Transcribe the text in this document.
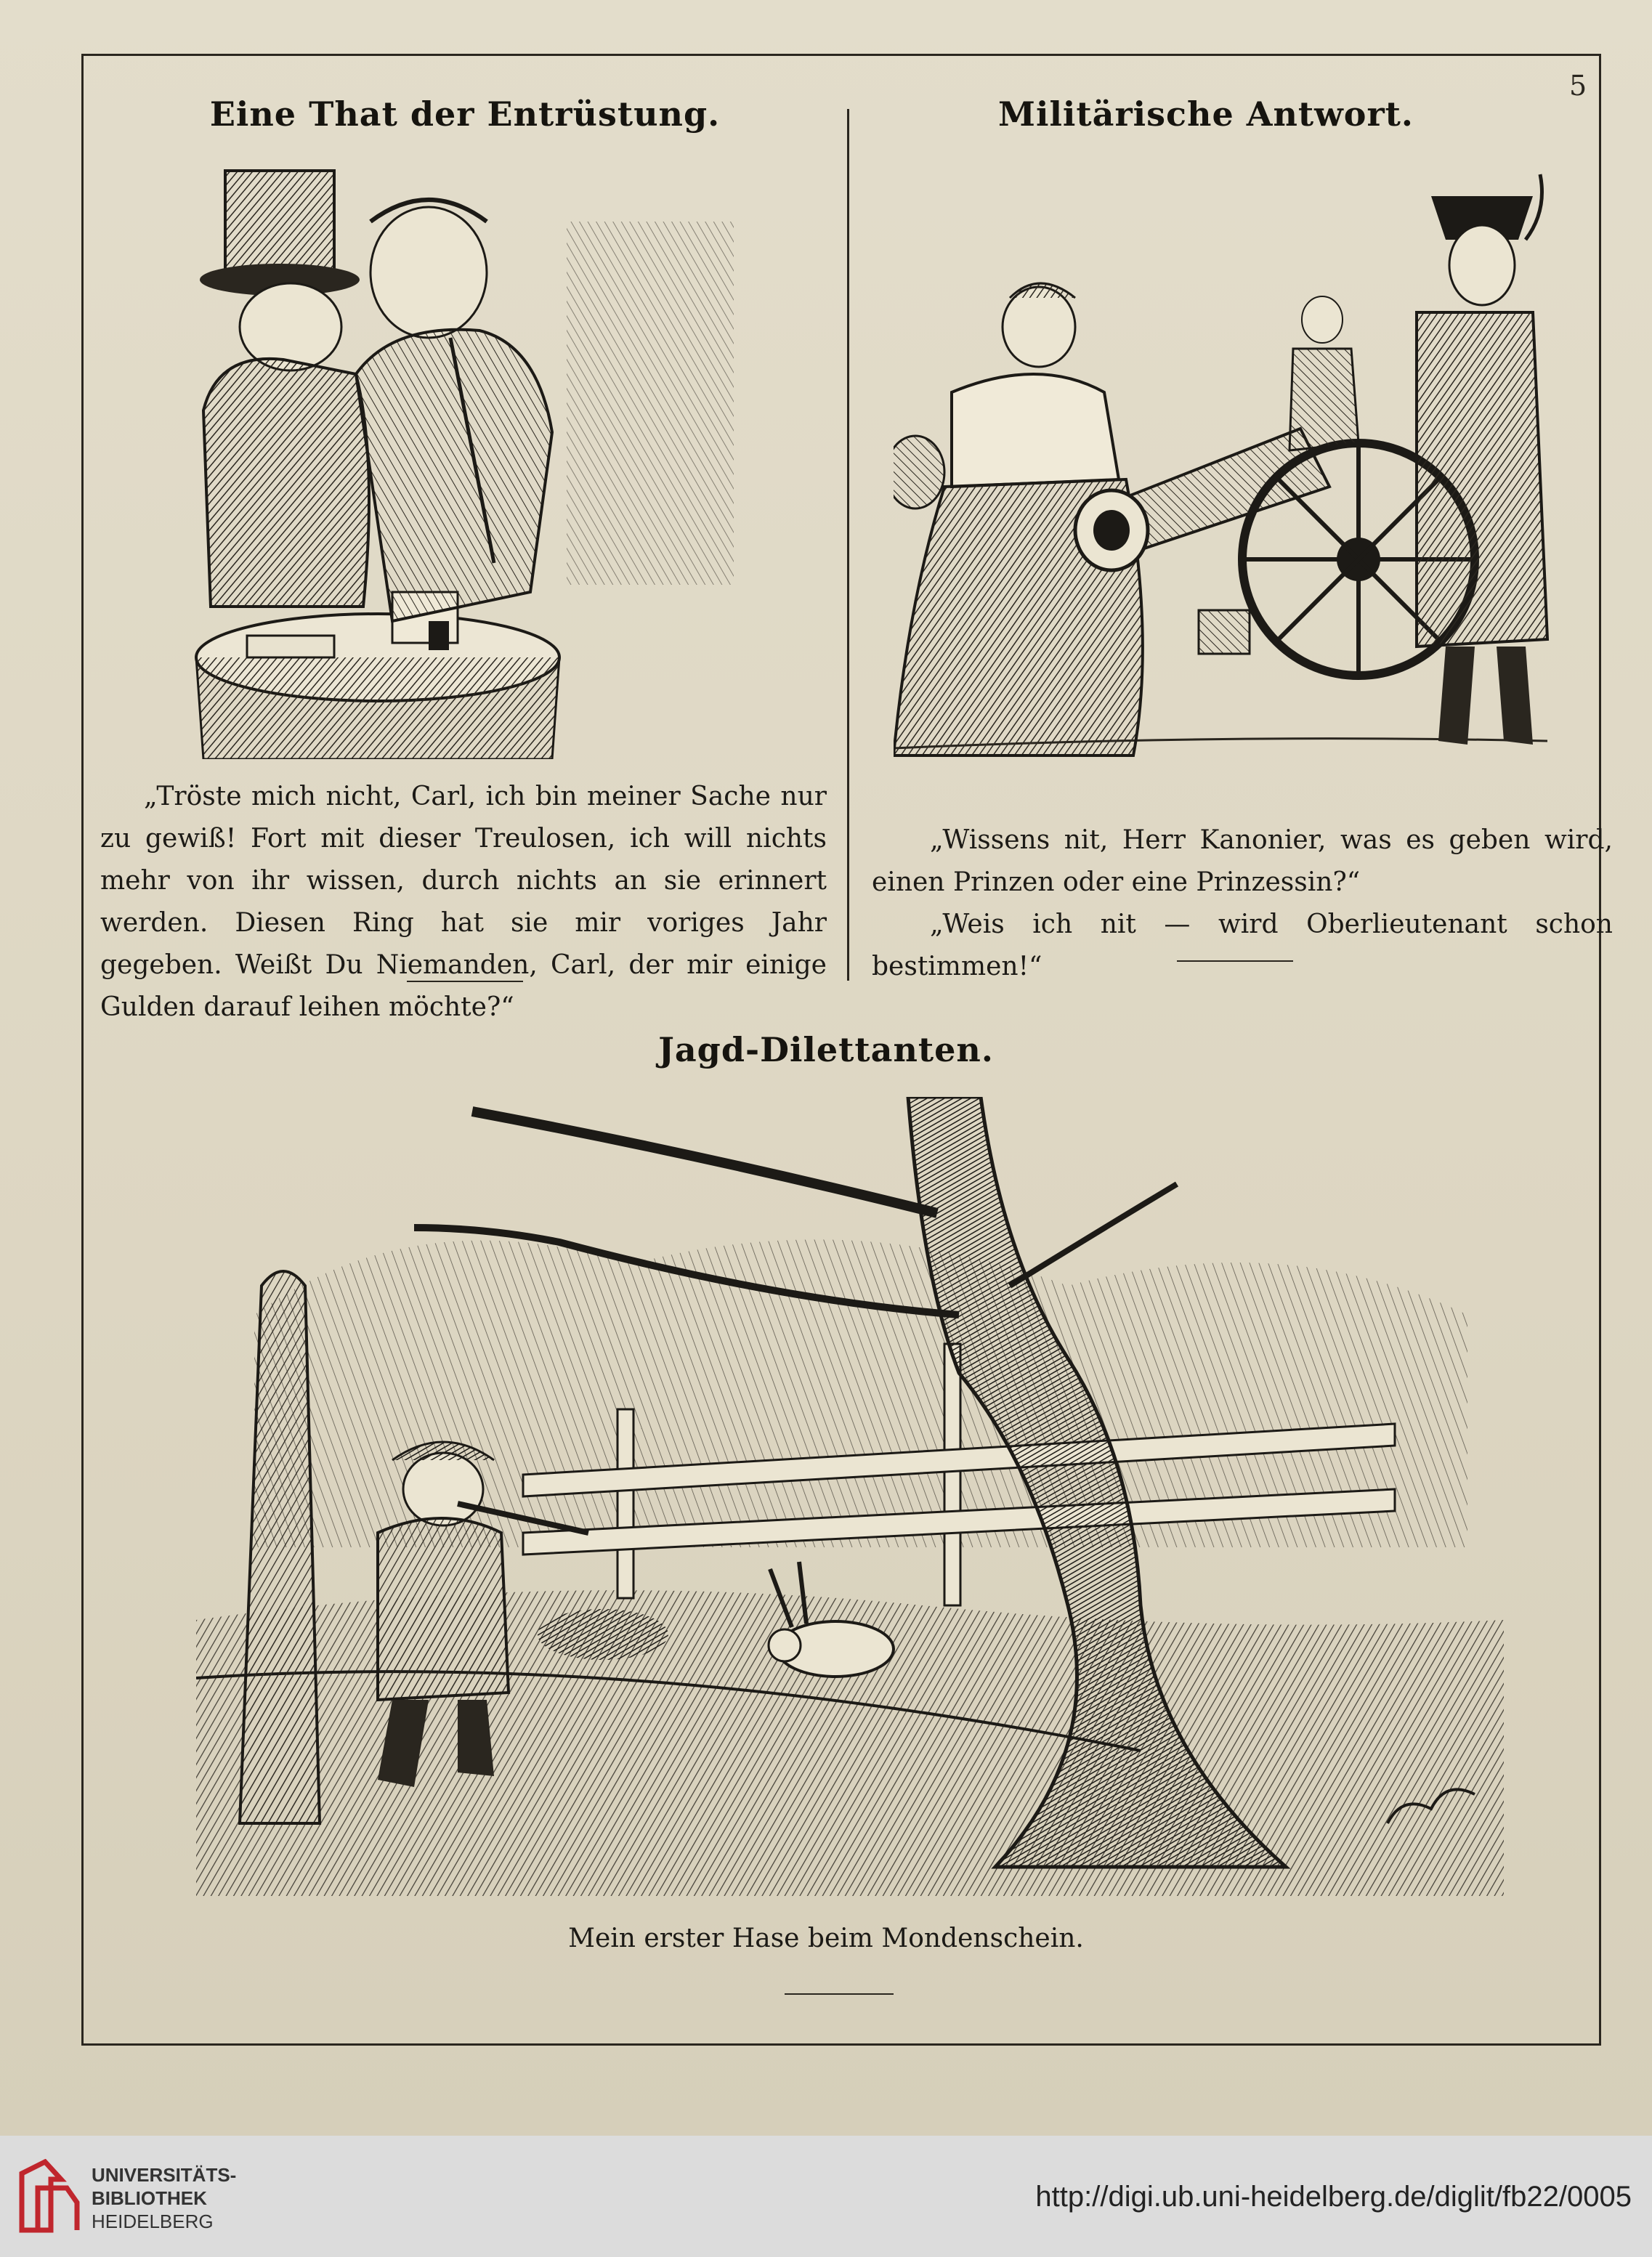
5
Eine That der Entrüstung.

„Tröste mich nicht, Carl, ich bin meiner Sache nur zu gewiß! Fort mit dieser Treulosen, ich will nichts mehr von ihr wissen, durch nichts an sie erinnert werden. Diesen Ring hat sie mir voriges Jahr gegeben. Weißt Du Niemanden, Carl, der mir einige Gulden darauf leihen möchte?“

Militärische Antwort.

„Wissens nit, Herr Kanonier, was es geben wird, einen Prinzen oder eine Prinzessin?“

„Weis ich nit — wird Oberlieutenant schon bestimmen!“

Jagd-Dilettanten.
Mein erster Hase beim Mondenschein.
UNIVERSITÄTS-
BIBLIOTHEK
HEIDELBERG
http://digi.ub.uni-heidelberg.de/diglit/fb22/0005
